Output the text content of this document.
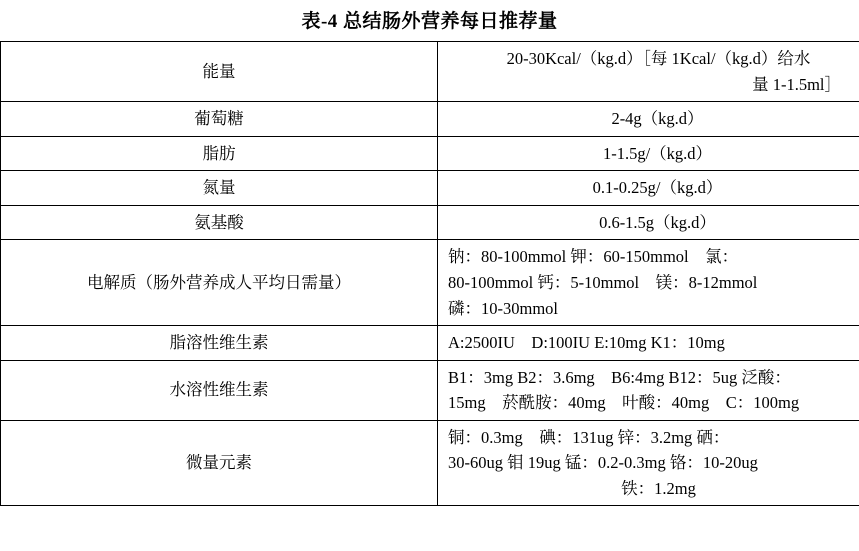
表-4 总结肠外营养每日推荐量
能量	20-30Kcal/（kg.d）［每 1Kcal/（kg.d）给水
量 1-1.5ml］

葡萄糖	2-4g（kg.d）

脂肪	1-1.5g/（kg.d）

氮量	0.1-0.25g/（kg.d）

氨基酸	0.6-1.5g（kg.d）

电解质（肠外营养成人平均日需量）	钠：80-100mmol 钾：60-150mmol　氯：
80-100mmol 钙：5-10mmol　镁：8-12mmol
磷：10-30mmol

脂溶性维生素	A:2500IU　D:100IU E:10mg K1：10mg

水溶性维生素	B1：3mg B2：3.6mg　B6:4mg B12：5ug 泛酸：
15mg　菸酰胺：40mg　叶酸：40mg　C：100mg

微量元素	铜：0.3mg　碘：131ug 锌：3.2mg 硒：
30-60ug 钼 19ug 锰：0.2-0.3mg 铬：10-20ug
铁：1.2mg
